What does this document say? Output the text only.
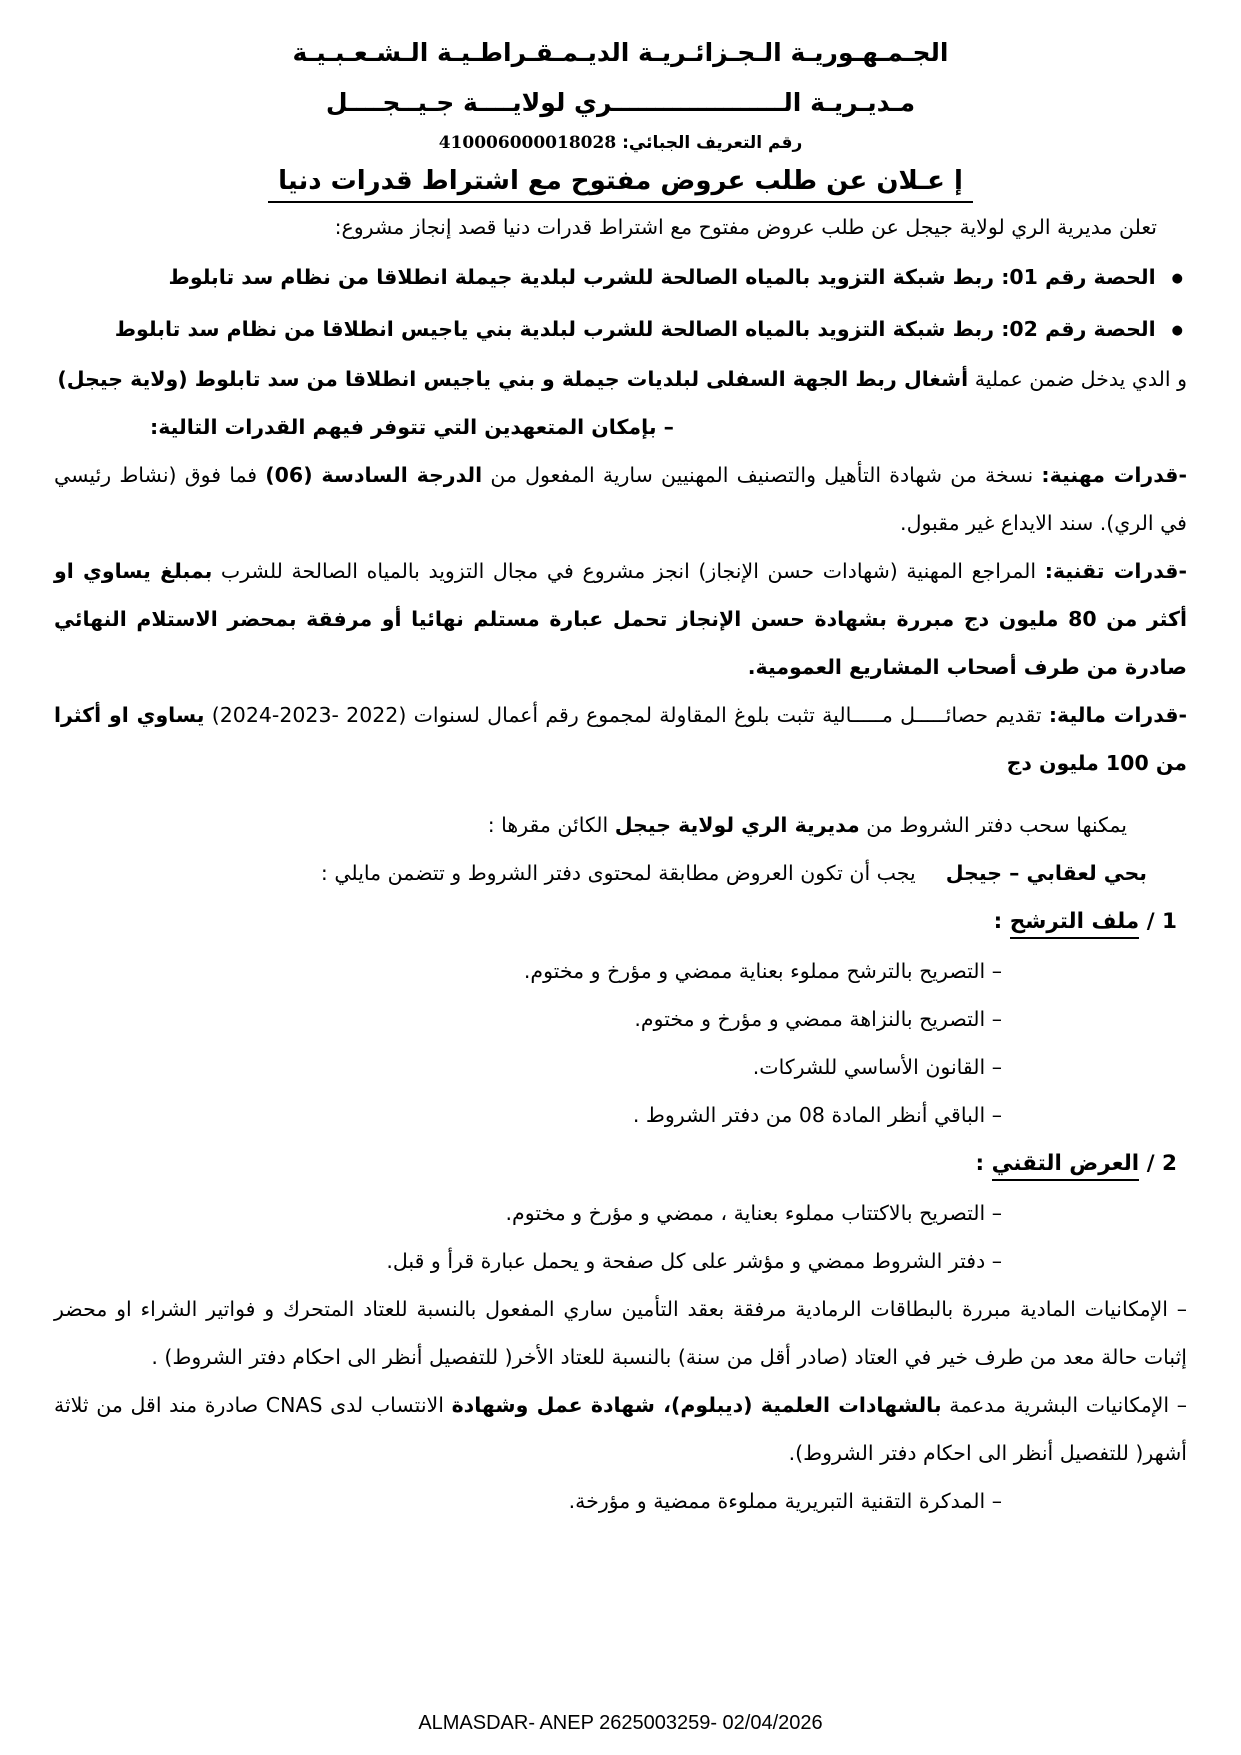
الجـمـهـوريـة الـجـزائـريـة الديـمـقـراطـيـة الـشـعـبـيـة

مـديـريـة الــــــــــــــــــــري لولايــــة جـيــجــــل

رقم التعريف الجبائي: 410006000018028

إ عـلان عن طلب عروض مفتوح مع اشتراط قدرات دنيا

تعلن مديرية الري لولاية جيجل عن طلب عروض مفتوح مع اشتراط قدرات دنيا قصد إنجاز مشروع:

●الحصة رقم 01: ربط شبكة التزويد بالمياه الصالحة للشرب لبلدية جيملة انطلاقا من نظام سد تابلوط

●الحصة رقم 02: ربط شبكة التزويد بالمياه الصالحة للشرب لبلدية بني ياجيس انطلاقا من نظام سد تابلوط

و الدي يدخل ضمن عملية أشغال ربط الجهة السفلى لبلديات جيملة و بني ياجيس انطلاقا من سد تابلوط (ولاية جيجل)

– بإمكان المتعهدين التي تتوفر فيهم القدرات التالية:

-قدرات مهنية: نسخة من شهادة التأهيل والتصنيف المهنيين سارية المفعول من الدرجة السادسة (06) فما فوق (نشاط رئيسي في الري). سند الايداع غير مقبول.

-قدرات تقنية: المراجع المهنية (شهادات حسن الإنجاز) انجز مشروع في مجال التزويد بالمياه الصالحة للشرب بمبلغ يساوي او أكثر من 80 مليون دج مبررة بشهادة حسن الإنجاز تحمل عبارة مستلم نهائيا أو مرفقة بمحضر الاستلام النهائي صادرة من طرف أصحاب المشاريع العمومية.

-قدرات مالية: تقديم حصائـــــل مـــــالية تثبت بلوغ المقاولة لمجموع رقم أعمال لسنوات (2022 -2023-2024) يساوي او أكثرا من 100 مليون دج

يمكنها سحب دفتر الشروط من مديرية الري لولاية جيجل الكائن مقرها :

بحي لعقابي – جيجليجب أن تكون العروض مطابقة لمحتوى دفتر الشروط و تتضمن مايلي :

1 / ملف الترشح :

– التصريح بالترشح مملوء بعناية ممضي و مؤرخ و مختوم.

– التصريح بالنزاهة ممضي و مؤرخ و مختوم.

– القانون الأساسي للشركات.

– الباقي أنظر المادة 08 من دفتر الشروط .

2 / العرض التقني :

– التصريح بالاكتتاب مملوء بعناية ، ممضي و مؤرخ و مختوم.

– دفتر الشروط ممضي و مؤشر على كل صفحة و يحمل عبارة قرأ و قبل.

– الإمكانيات المادية مبررة بالبطاقات الرمادية مرفقة بعقد التأمين ساري المفعول بالنسبة للعتاد المتحرك و فواتير الشراء او محضر إثبات حالة معد من طرف خير في العتاد (صادر أقل من سنة) بالنسبة للعتاد الأخر( للتفصيل أنظر الى احكام دفتر الشروط) .

– الإمكانيات البشرية مدعمة بالشهادات العلمية (ديبلوم)، شهادة عمل وشهادة الانتساب لدى CNAS صادرة مند اقل من ثلاثة أشهر( للتفصيل أنظر الى احكام دفتر الشروط).

– المدكرة التقنية التبريرية مملوءة ممضية و مؤرخة.

ALMASDAR- ANEP 2625003259- 02/04/2026
